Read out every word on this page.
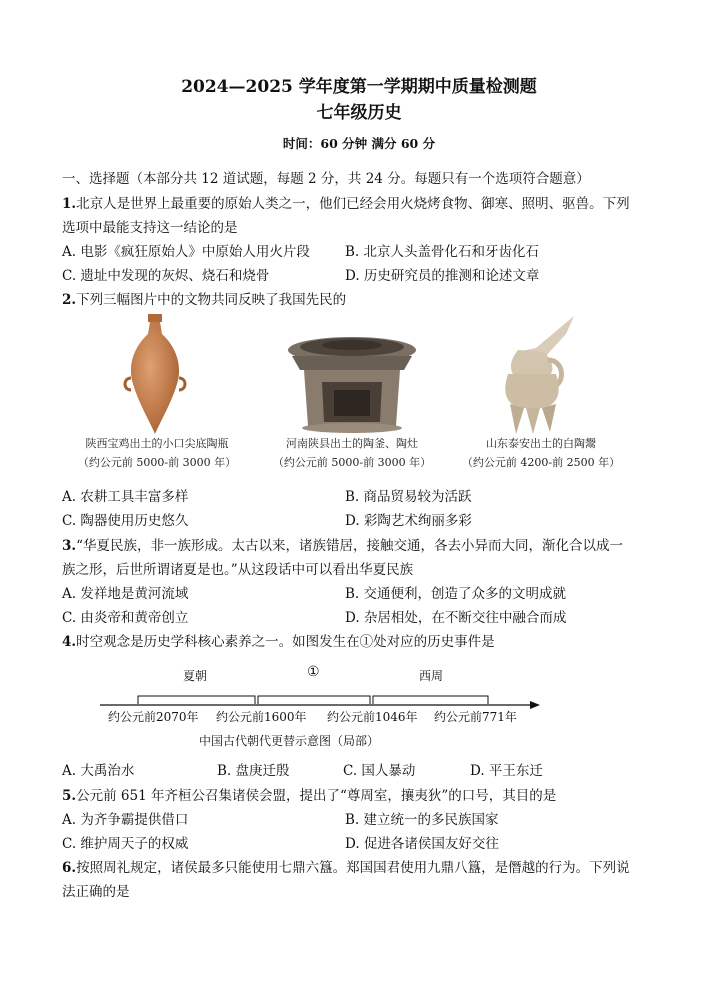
2024—2025 学年度第一学期期中质量检测题
七年级历史
时间：60 分钟 满分 60 分
一、选择题（本部分共 12 道试题，每题 2 分，共 24 分。每题只有一个选项符合题意）
1.北京人是世界上最重要的原始人类之一，他们已经会用火烧烤食物、御寒、照明、驱兽。下列
选项中最能支持这一结论的是
A. 电影《疯狂原始人》中原始人用火片段	B. 北京人头盖骨化石和牙齿化石
C. 遗址中发现的灰烬、烧石和烧骨	D. 历史研究员的推测和论述文章
2.下列三幅图片中的文物共同反映了我国先民的
陕西宝鸡出土的小口尖底陶瓶
（约公元前 5000-前 3000 年）
河南陕县出土的陶釜、陶灶
（约公元前 5000-前 3000 年）
山东泰安出土的白陶鬶
（约公元前 4200-前 2500 年）
A. 农耕工具丰富多样	B. 商品贸易较为活跃
C. 陶器使用历史悠久	D. 彩陶艺术绚丽多彩
3.“华夏民族，非一族形成。太古以来，诸族错居，接触交通，各去小异而大同，渐化合以成一
族之形，后世所谓诸夏是也。”从这段话中可以看出华夏民族
A. 发祥地是黄河流域	B. 交通便利，创造了众多的文明成就
C. 由炎帝和黄帝创立	D. 杂居相处，在不断交往中融合而成
4.时空观念是历史学科核心素养之一。如图发生在①处对应的历史事件是
夏朝	①	西周
约公元前2070年 约公元前1600年 约公元前1046年 约公元前771年
中国古代朝代更替示意图（局部）
A. 大禹治水	B. 盘庚迁殷	C. 国人暴动	D. 平王东迁
5.公元前 651 年齐桓公召集诸侯会盟，提出了“尊周室，攘夷狄”的口号，其目的是
A. 为齐争霸提供借口	B. 建立统一的多民族国家
C. 维护周天子的权威	D. 促进各诸侯国友好交往
6.按照周礼规定，诸侯最多只能使用七鼎六簋。郑国国君使用九鼎八簋，是僭越的行为。下列说
法正确的是
